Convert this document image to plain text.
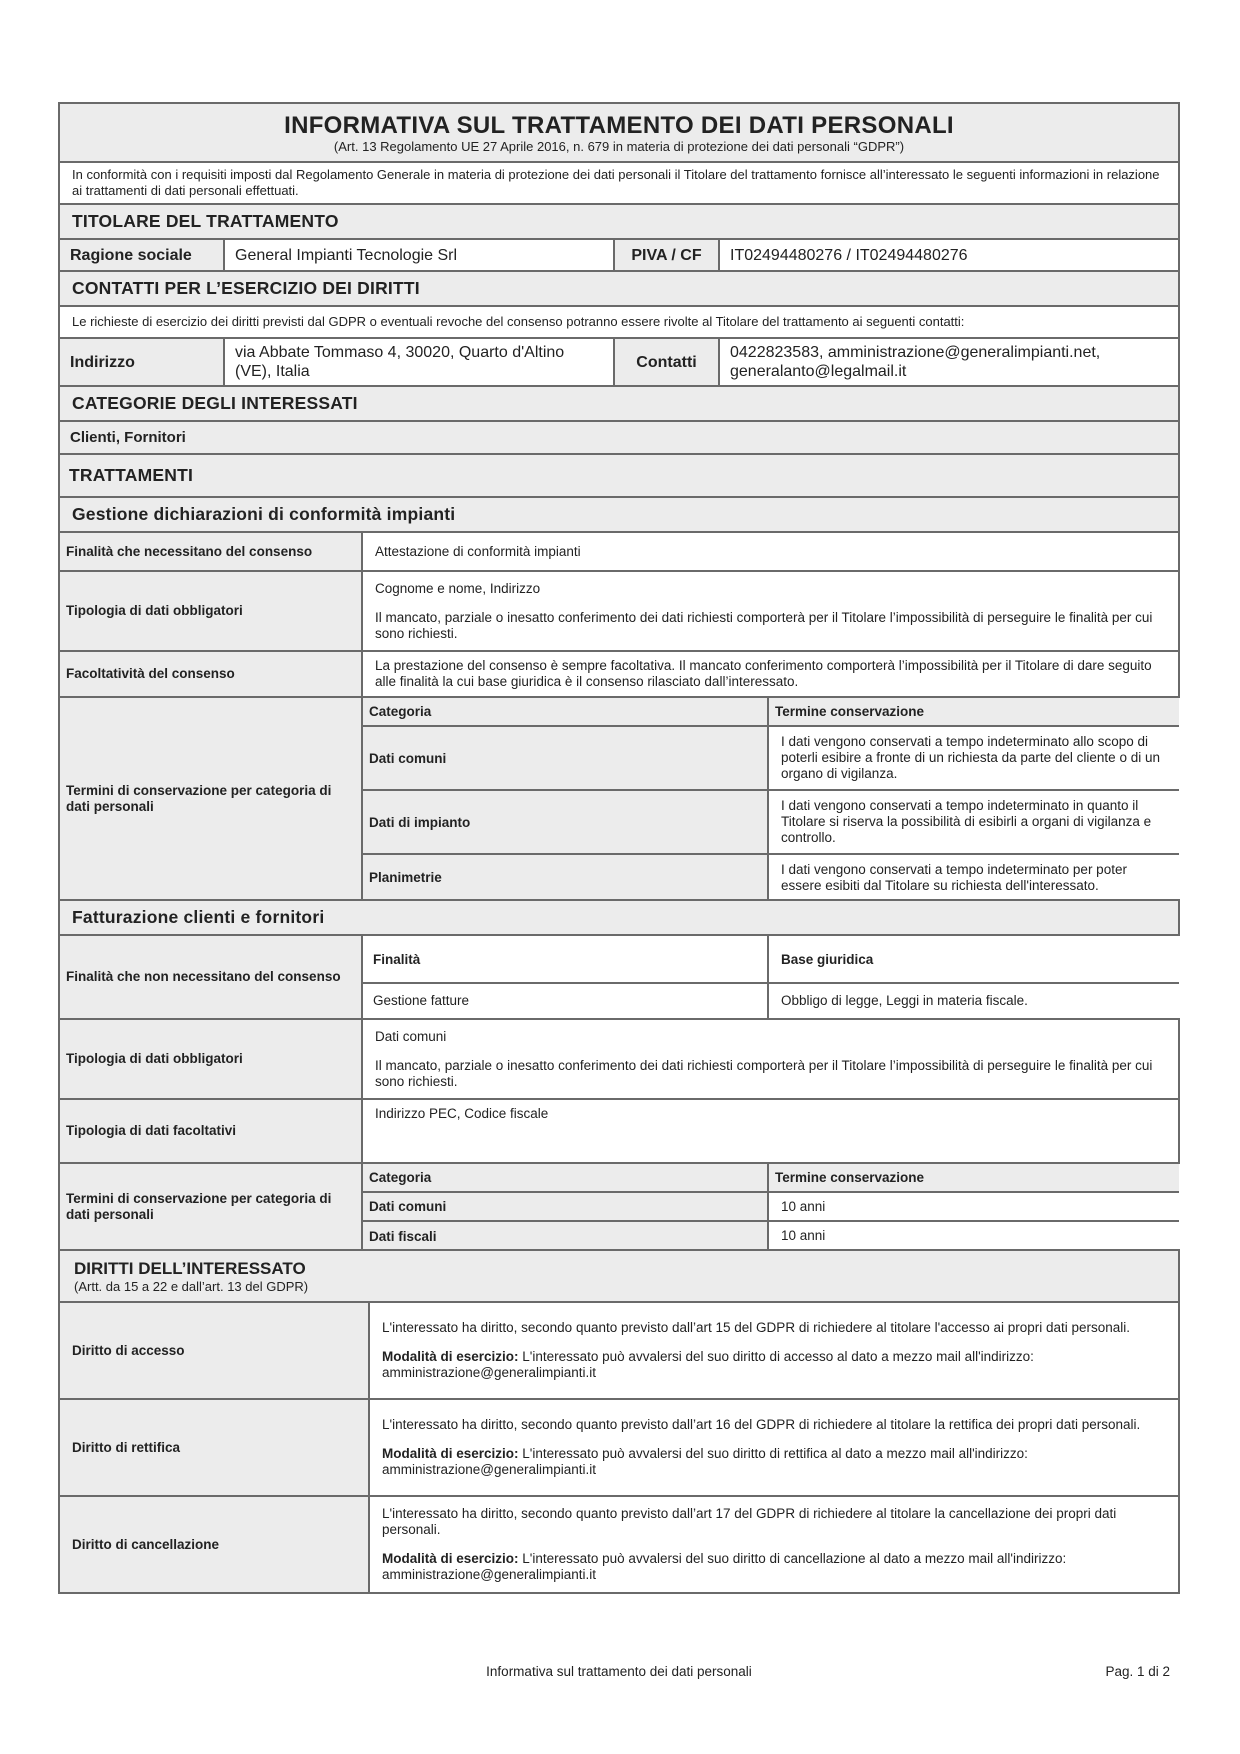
INFORMATIVA SUL TRATTAMENTO DEI DATI PERSONALI
(Art. 13 Regolamento UE 27 Aprile 2016, n. 679 in materia di protezione dei dati personali “GDPR”)			

In conformità con i requisiti imposti dal Regolamento Generale in materia di protezione dei dati personali il Titolare del trattamento fornisce all’interessato le seguenti informazioni in relazione ai trattamenti di dati personali effettuati.			
TITOLARE DEL TRATTAMENTO			
Ragione sociale	General Impianti Tecnologie Srl	PIVA / CF	IT02494480276 / IT02494480276
CONTATTI PER L’ESERCIZIO DEI DIRITTI			
Le richieste di esercizio dei diritti previsti dal GDPR o eventuali revoche del consenso potranno essere rivolte al Titolare del trattamento ai seguenti contatti:			
Indirizzo	via Abbate Tommaso 4, 30020, Quarto d'Altino (VE), Italia	Contatti	0422823583, amministrazione@generalimpianti.net, generalanto@legalmail.it
CATEGORIE DEGLI INTERESSATI			
Clienti, Fornitori			
TRATTAMENTI			
Gestione dichiarazioni di conformità impianti
Finalità che necessitano del consenso	Attestazione di conformità impianti
Tipologia di dati obbligatori	

Cognome e nome, Indirizzo

Il mancato, parziale o inesatto conferimento dei dati richiesti comporterà per il Titolare l’impossibilità di perseguire le finalità per cui sono richiesti.

Facoltatività del consenso	La prestazione del consenso è sempre facoltativa. Il mancato conferimento comporterà l’impossibilità per il Titolare di dare seguito alle finalità la cui base giuridica è il consenso rilasciato dall’interessato.
Termini di conservazione per categoria di dati personali	
Categoria	Termine conservazione
Dati comuni	I dati vengono conservati a tempo indeterminato allo scopo di poterli esibire a fronte di un richiesta da parte del cliente o di un organo di vigilanza.
Dati di impianto	I dati vengono conservati a tempo indeterminato in quanto il Titolare si riserva la possibilità di esibirli a organi di vigilanza e controllo.
Planimetrie	I dati vengono conservati a tempo indeterminato per poter essere esibiti dal Titolare su richiesta dell'interessato.
Fatturazione clienti e fornitori
Finalità che non necessitano del consenso	
Finalità	Base giuridica
Gestione fatture	Obbligo di legge, Leggi in materia fiscale.

Tipologia di dati obbligatori	

Dati comuni

Il mancato, parziale o inesatto conferimento dei dati richiesti comporterà per il Titolare l’impossibilità di perseguire le finalità per cui sono richiesti.

Tipologia di dati facoltativi	Indirizzo PEC, Codice fiscale
Termini di conservazione per categoria di dati personali	
Categoria	Termine conservazione
Dati comuni	10 anni
Dati fiscali	10 anni
DIRITTI DELL’INTERESSATO
(Artt. da 15 a 22 e dall’art. 13 del GDPR)	

Diritto di accesso	L'interessato ha diritto, secondo quanto previsto dall’art 15 del GDPR di richiedere al titolare l'accesso ai propri dati personali.

Modalità di esercizio: L'interessato può avvalersi del suo diritto di accesso al dato a mezzo mail all'indirizzo: amministrazione@generalimpianti.it

Diritto di rettifica	L'interessato ha diritto, secondo quanto previsto dall’art 16 del GDPR di richiedere al titolare la rettifica dei propri dati personali.

Modalità di esercizio: L'interessato può avvalersi del suo diritto di rettifica al dato a mezzo mail all'indirizzo: amministrazione@generalimpianti.it

Diritto di cancellazione	L'interessato ha diritto, secondo quanto previsto dall’art 17 del GDPR di richiedere al titolare la cancellazione dei propri dati personali.

Modalità di esercizio: L'interessato può avvalersi del suo diritto di cancellazione al dato a mezzo mail all'indirizzo: amministrazione@generalimpianti.it

Informativa sul trattamento dei dati personali	Pag. 1 di 2
